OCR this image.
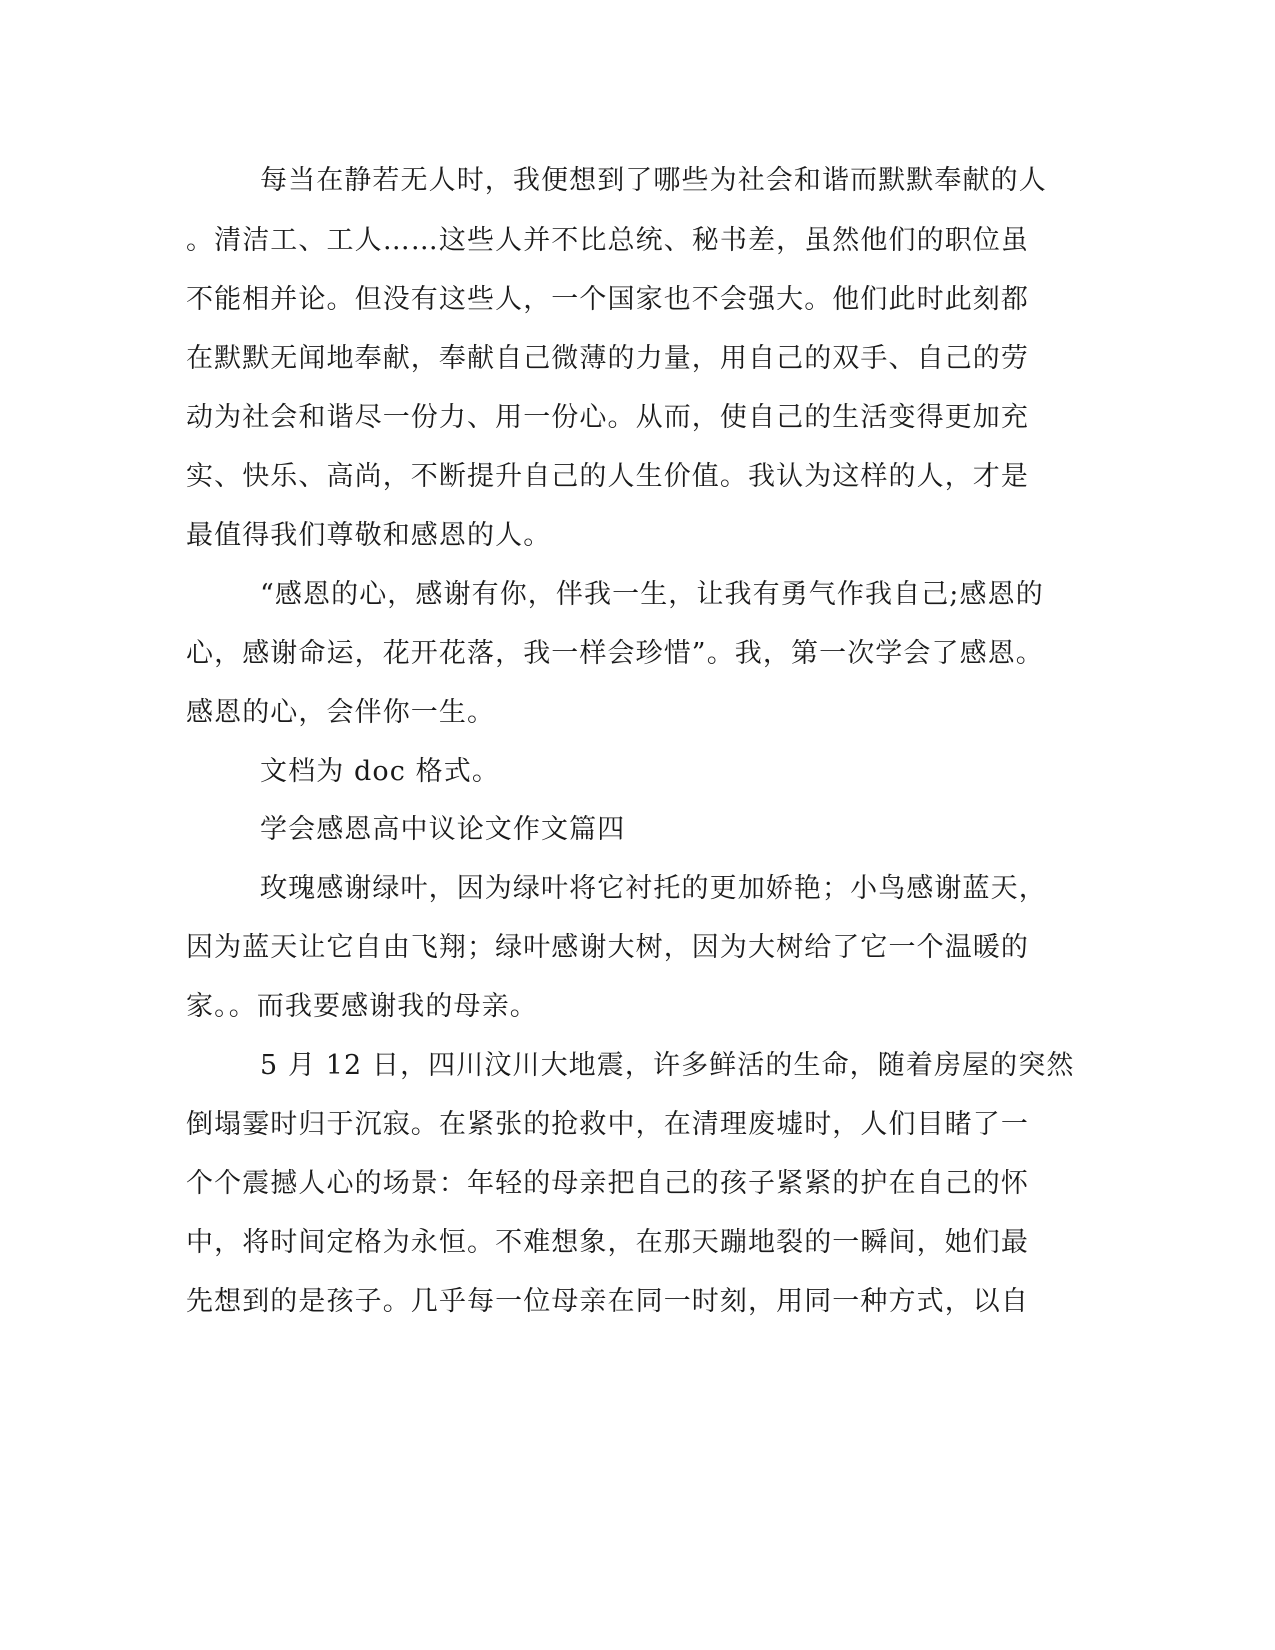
每当在静若无人时，我便想到了哪些为社会和谐而默默奉献的人
。清洁工、工人……这些人并不比总统、秘书差，虽然他们的职位虽
不能相并论。但没有这些人，一个国家也不会强大。他们此时此刻都
在默默无闻地奉献，奉献自己微薄的力量，用自己的双手、自己的劳
动为社会和谐尽一份力、用一份心。从而，使自己的生活变得更加充
实、快乐、高尚，不断提升自己的人生价值。我认为这样的人，才是
最值得我们尊敬和感恩的人。
“感恩的心，感谢有你，伴我一生，让我有勇气作我自己;感恩的
心，感谢命运，花开花落，我一样会珍惜”。我，第一次学会了感恩。
感恩的心，会伴你一生。
文档为 doc 格式。
学会感恩高中议论文作文篇四
玫瑰感谢绿叶，因为绿叶将它衬托的更加娇艳；小鸟感谢蓝天，
因为蓝天让它自由飞翔；绿叶感谢大树，因为大树给了它一个温暖的
家。。而我要感谢我的母亲。
5 月 12 日，四川汶川大地震，许多鲜活的生命，随着房屋的突然
倒塌霎时归于沉寂。在紧张的抢救中，在清理废墟时，人们目睹了一
个个震撼人心的场景：年轻的母亲把自己的孩子紧紧的护在自己的怀
中，将时间定格为永恒。不难想象，在那天蹦地裂的一瞬间，她们最
先想到的是孩子。几乎每一位母亲在同一时刻，用同一种方式，以自
